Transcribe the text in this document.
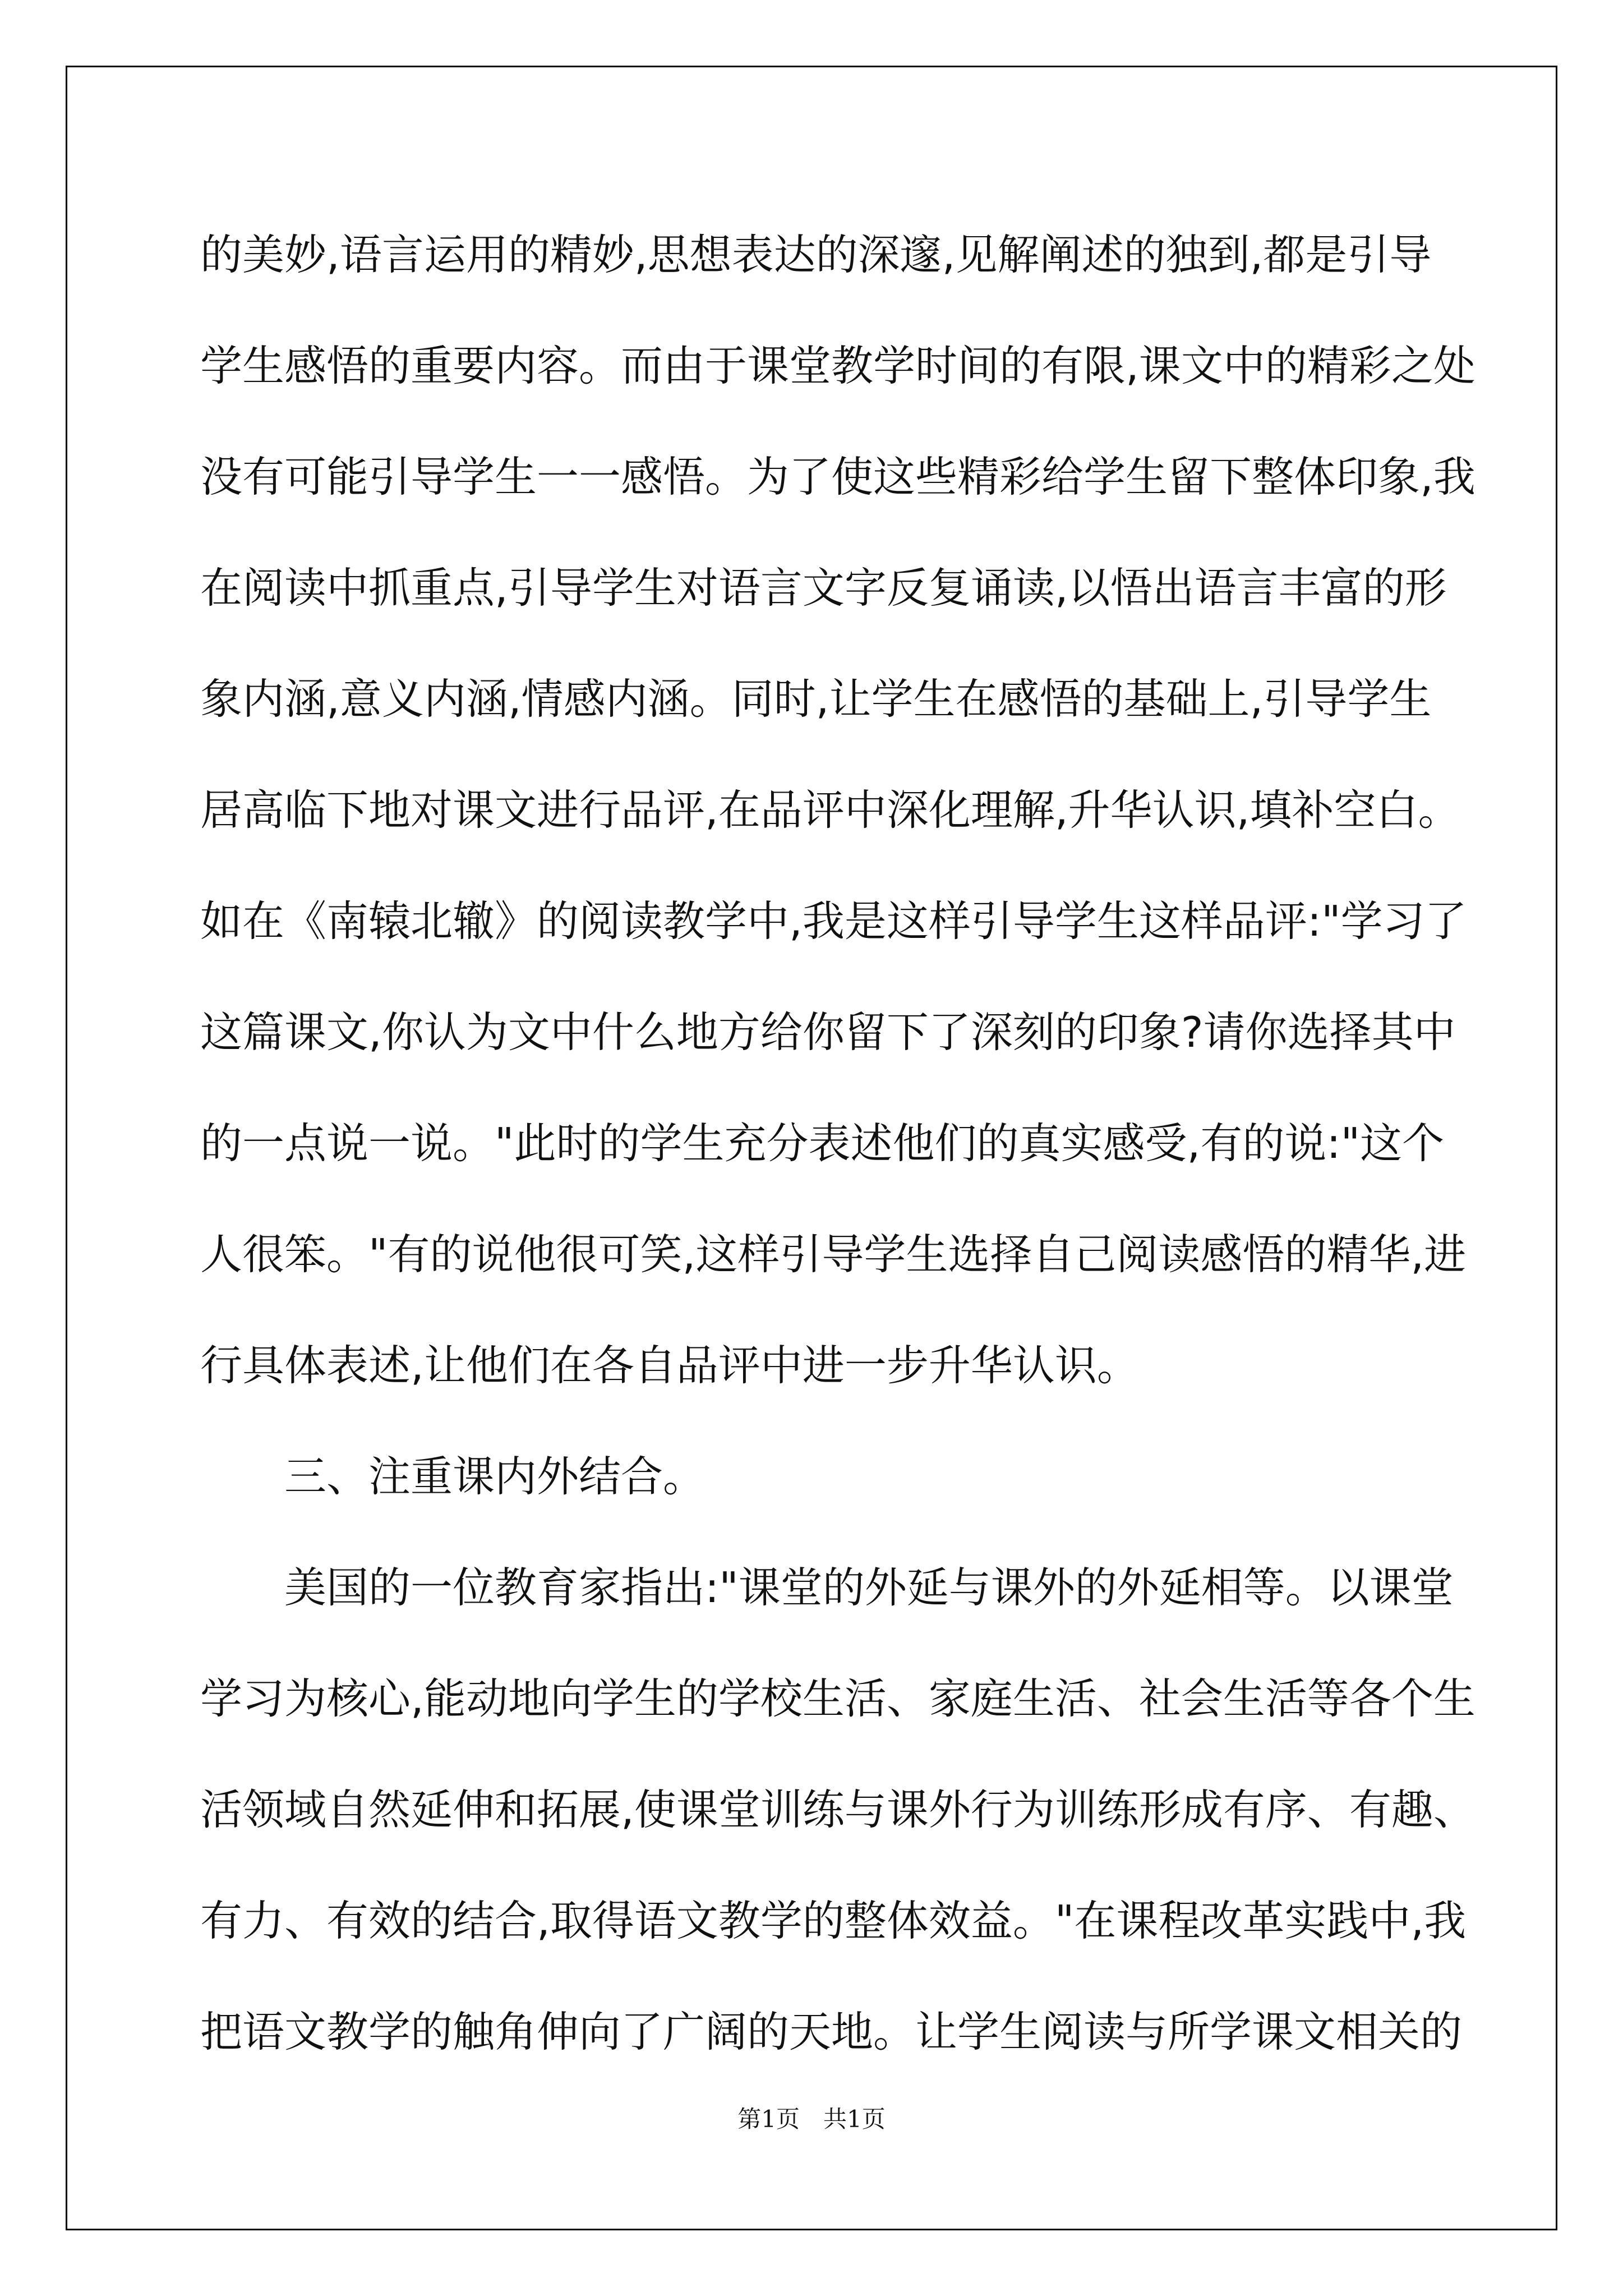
的美妙,语言运用的精妙,思想表达的深邃,见解阐述的独到,都是引导
学生感悟的重要内容。而由于课堂教学时间的有限,课文中的精彩之处
没有可能引导学生一一感悟。为了使这些精彩给学生留下整体印象,我
在阅读中抓重点,引导学生对语言文字反复诵读,以悟出语言丰富的形
象内涵,意义内涵,情感内涵。同时,让学生在感悟的基础上,引导学生
居高临下地对课文进行品评,在品评中深化理解,升华认识,填补空白。
如在《南辕北辙》的阅读教学中,我是这样引导学生这样品评:"学习了
这篇课文,你认为文中什么地方给你留下了深刻的印象?请你选择其中
的一点说一说。"此时的学生充分表述他们的真实感受,有的说:"这个
人很笨。"有的说他很可笑,这样引导学生选择自己阅读感悟的精华,进
行具体表述,让他们在各自品评中进一步升华认识。
三、注重课内外结合。
美国的一位教育家指出:"课堂的外延与课外的外延相等。以课堂
学习为核心,能动地向学生的学校生活、家庭生活、社会生活等各个生
活领域自然延伸和拓展,使课堂训练与课外行为训练形成有序、有趣、
有力、有效的结合,取得语文教学的整体效益。"在课程改革实践中,我
把语文教学的触角伸向了广阔的天地。让学生阅读与所学课文相关的
第1页　共1页
